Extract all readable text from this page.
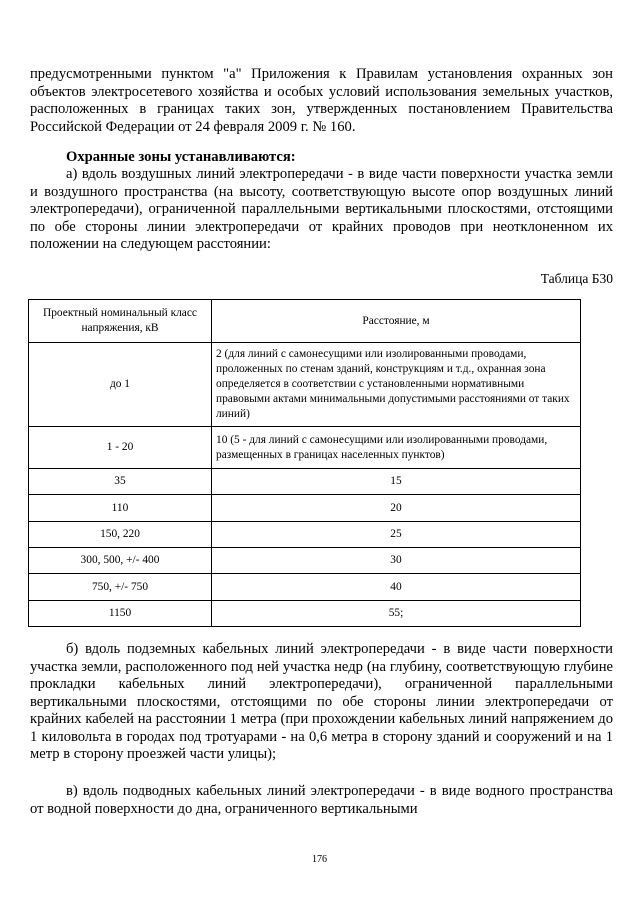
предусмотренными пунктом "а" Приложения к Правилам установления охранных зон объектов электросетевого хозяйства и особых условий использования земельных участков, расположенных в границах таких зон, утвержденных постановлением Правительства Российской Федерации от 24 февраля 2009 г. № 160.

Охранные зоны устанавливаются:

а) вдоль воздушных линий электропередачи - в виде части поверхности участка земли и воздушного пространства (на высоту, соответствующую высоте опор воздушных линий электропередачи), ограниченной параллельными вертикальными плоскостями, отстоящими по обе стороны линии электропередачи от крайних проводов при неотклоненном их положении на следующем расстоянии:

Таблица Б30

Проектный номинальный класс напряжения, кВ	Расстояние, м
до 1	2 (для линий с самонесущими или изолированными проводами, проложенных по стенам зданий, конструкциям и т.д., охранная зона определяется в соответствии с установленными нормативными правовыми актами минимальными допустимыми расстояниями от таких линий)
1 - 20	10 (5 - для линий с самонесущими или изолированными проводами, размещенных в границах населенных пунктов)
35	15
110	20
150, 220	25
300, 500, +/- 400	30
750, +/- 750	40
1150	55;

б) вдоль подземных кабельных линий электропередачи - в виде части поверхности участка земли, расположенного под ней участка недр (на глубину, соответствующую глубине прокладки кабельных линий электропередачи), ограниченной параллельными вертикальными плоскостями, отстоящими по обе стороны линии электропередачи от крайних кабелей на расстоянии 1 метра (при прохождении кабельных линий напряжением до 1 киловольта в городах под тротуарами - на 0,6 метра в сторону зданий и сооружений и на 1 метр в сторону проезжей части улицы);

в) вдоль подводных кабельных линий электропередачи - в виде водного пространства от водной поверхности до дна, ограниченного вертикальными

176
